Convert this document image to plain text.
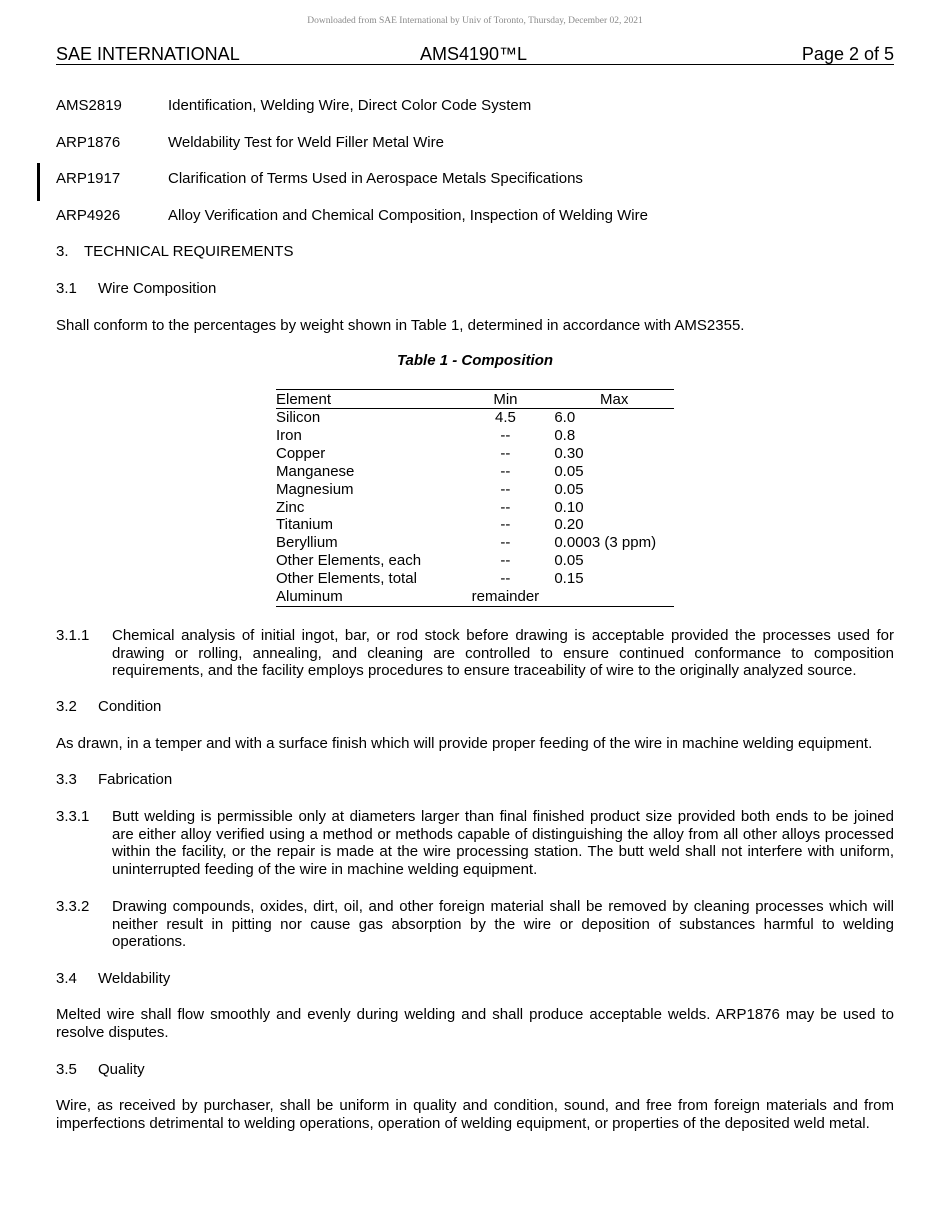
Downloaded from SAE International by Univ of Toronto, Thursday, December 02, 2021
SAE INTERNATIONAL	AMS4190™L	Page 2 of 5
AMS2819	Identification, Welding Wire, Direct Color Code System
ARP1876	Weldability Test for Weld Filler Metal Wire
ARP1917	Clarification of Terms Used in Aerospace Metals Specifications
ARP4926	Alloy Verification and Chemical Composition, Inspection of Welding Wire
3. TECHNICAL REQUIREMENTS
3.1 Wire Composition
Shall conform to the percentages by weight shown in Table 1, determined in accordance with AMS2355.
Table 1 - Composition
Element	Min	Max
Silicon	4.5	6.0
Iron	--	0.8
Copper	--	0.30
Manganese	--	0.05
Magnesium	--	0.05
Zinc	--	0.10
Titanium	--	0.20
Beryllium	--	0.0003 (3 ppm)
Other Elements, each	--	0.05
Other Elements, total	--	0.15
Aluminum	remainder	
3.1.1 Chemical analysis of initial ingot, bar, or rod stock before drawing is acceptable provided the processes used for drawing or rolling, annealing, and cleaning are controlled to ensure continued conformance to composition requirements, and the facility employs procedures to ensure traceability of wire to the originally analyzed source.
3.2 Condition
As drawn, in a temper and with a surface finish which will provide proper feeding of the wire in machine welding equipment.
3.3 Fabrication
3.3.1 Butt welding is permissible only at diameters larger than final finished product size provided both ends to be joined are either alloy verified using a method or methods capable of distinguishing the alloy from all other alloys processed within the facility, or the repair is made at the wire processing station. The butt weld shall not interfere with uniform, uninterrupted feeding of the wire in machine welding equipment.
3.3.2 Drawing compounds, oxides, dirt, oil, and other foreign material shall be removed by cleaning processes which will neither result in pitting nor cause gas absorption by the wire or deposition of substances harmful to welding operations.
3.4 Weldability
Melted wire shall flow smoothly and evenly during welding and shall produce acceptable welds. ARP1876 may be used to resolve disputes.
3.5 Quality
Wire, as received by purchaser, shall be uniform in quality and condition, sound, and free from foreign materials and from imperfections detrimental to welding operations, operation of welding equipment, or properties of the deposited weld metal.
